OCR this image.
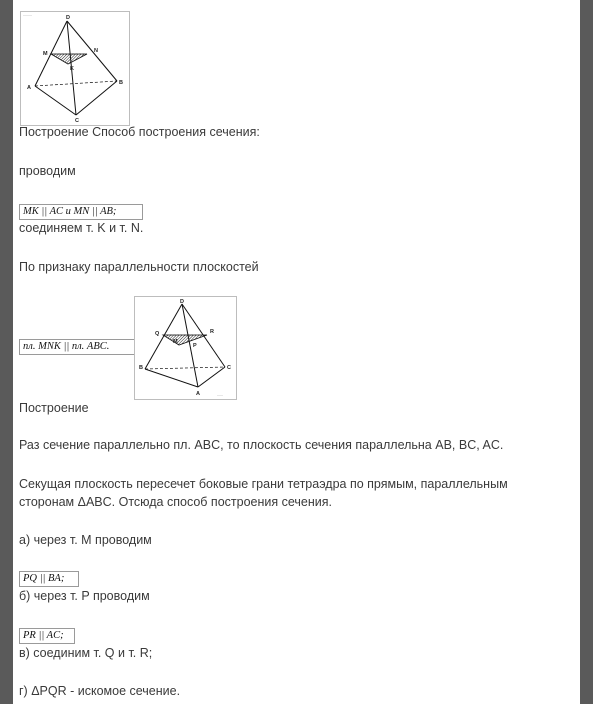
⋯⋯⋯	D
M	N
K
A
B
C
Построение Способ построения сечения:
проводим
MK || AC и MN || AB;
соединяем т. K и т. N.
По признаку параллельности плоскостей
пл. MNK || пл. ABC.
D
Q
M
P
R
B
A
C
⋯⋯
Построение
Раз сечение параллельно пл. ABC, то плоскость сечения параллельна AB, BC, AC.
Секущая плоскость пересечет боковые грани тетраэдра по прямым, параллельным
сторонам ΔABC. Отсюда способ построения сечения.
а) через т. M проводим
PQ || BA;
б) через т. P проводим
PR || AC;
в) соединим т. Q и т. R;
г) ΔPQR - искомое сечение.
